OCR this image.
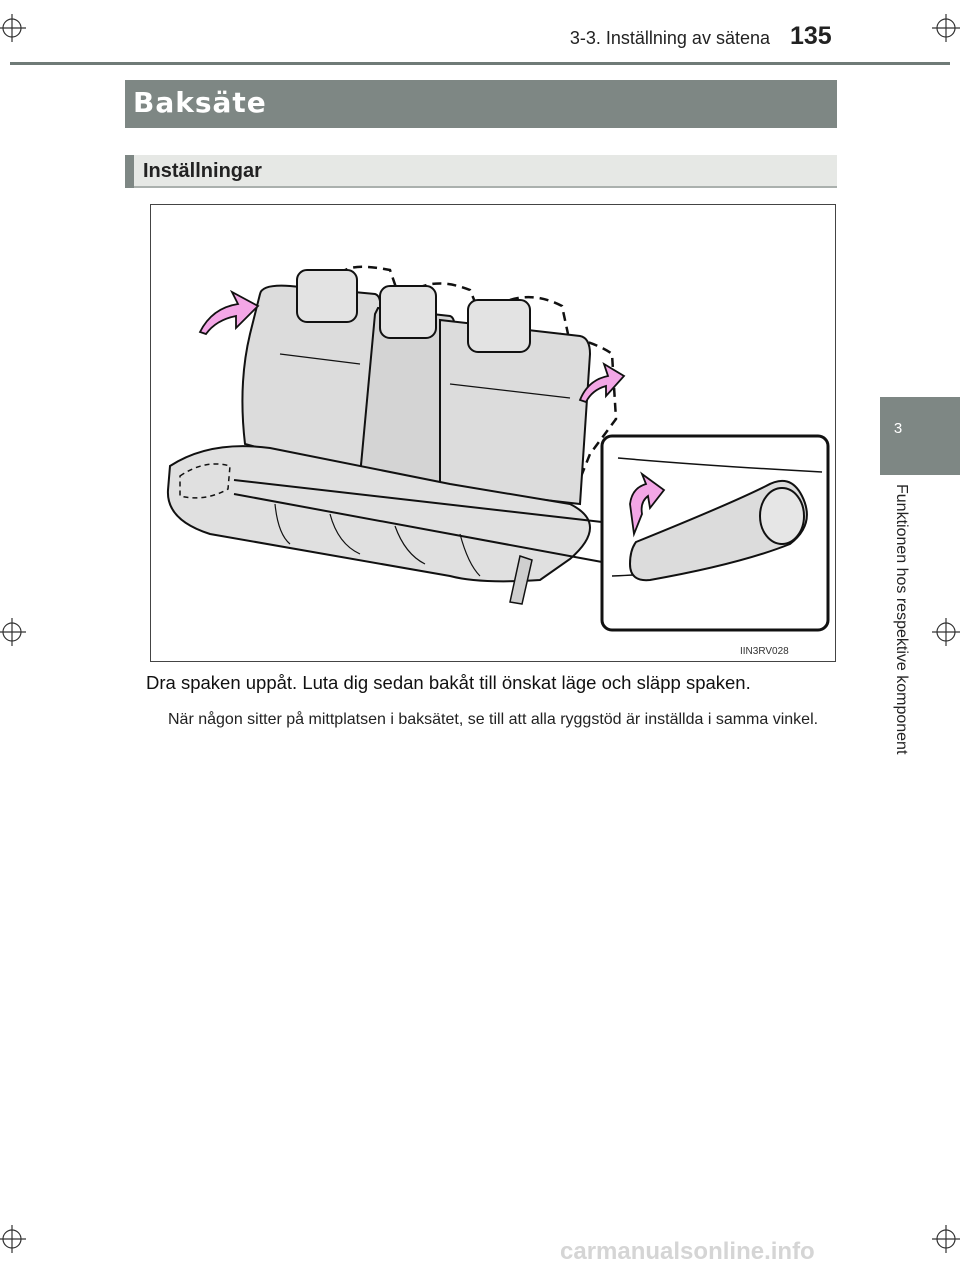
3-3. Inställning av sätena 135
Baksäte
Inställningar
IIN3RV028
Dra spaken uppåt. Luta dig sedan bakåt till önskat läge och släpp spaken.
När någon sitter på mittplatsen i baksätet, se till att alla ryggstöd är inställda i samma vinkel.
3
Funktionen hos respektive komponent
carmanualsonline.info
